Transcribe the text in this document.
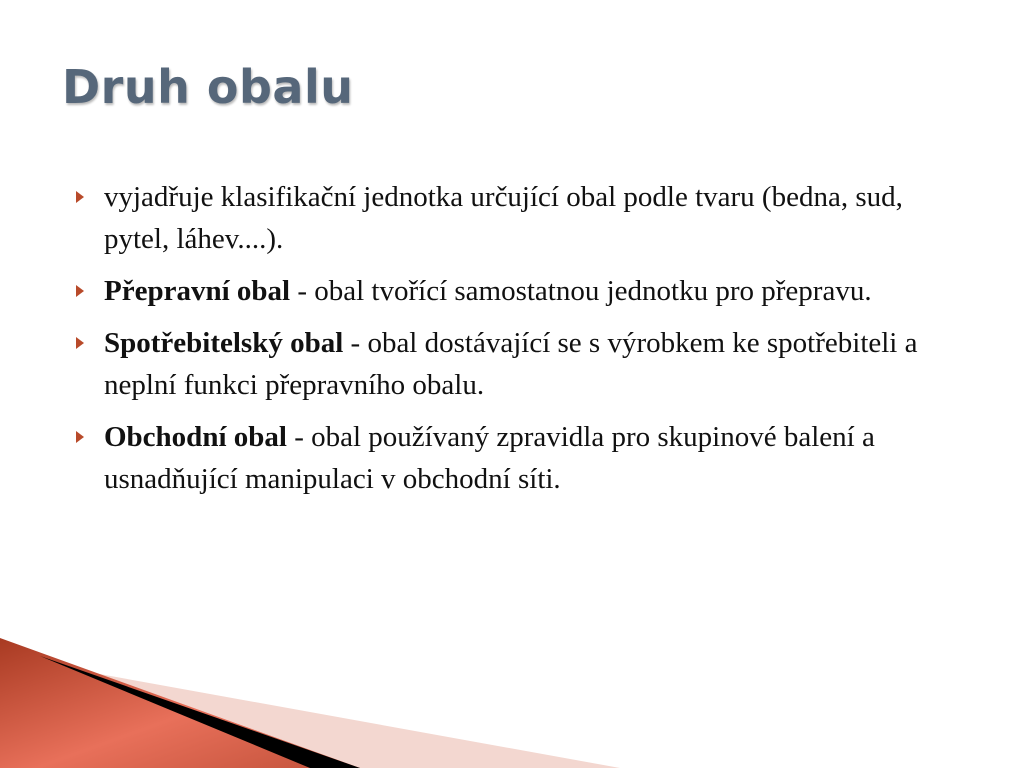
Druh obalu
vyjadřuje klasifikační jednotka určující obal podle tvaru (bedna, sud, pytel, láhev....).
Přepravní obal - obal tvořící samostatnou jednotku pro přepravu.
Spotřebitelský obal - obal dostávající se s výrobkem ke spotřebiteli a neplní funkci přepravního obalu.
Obchodní obal - obal používaný zpravidla pro skupinové balení a usnadňující manipulaci v obchodní síti.
